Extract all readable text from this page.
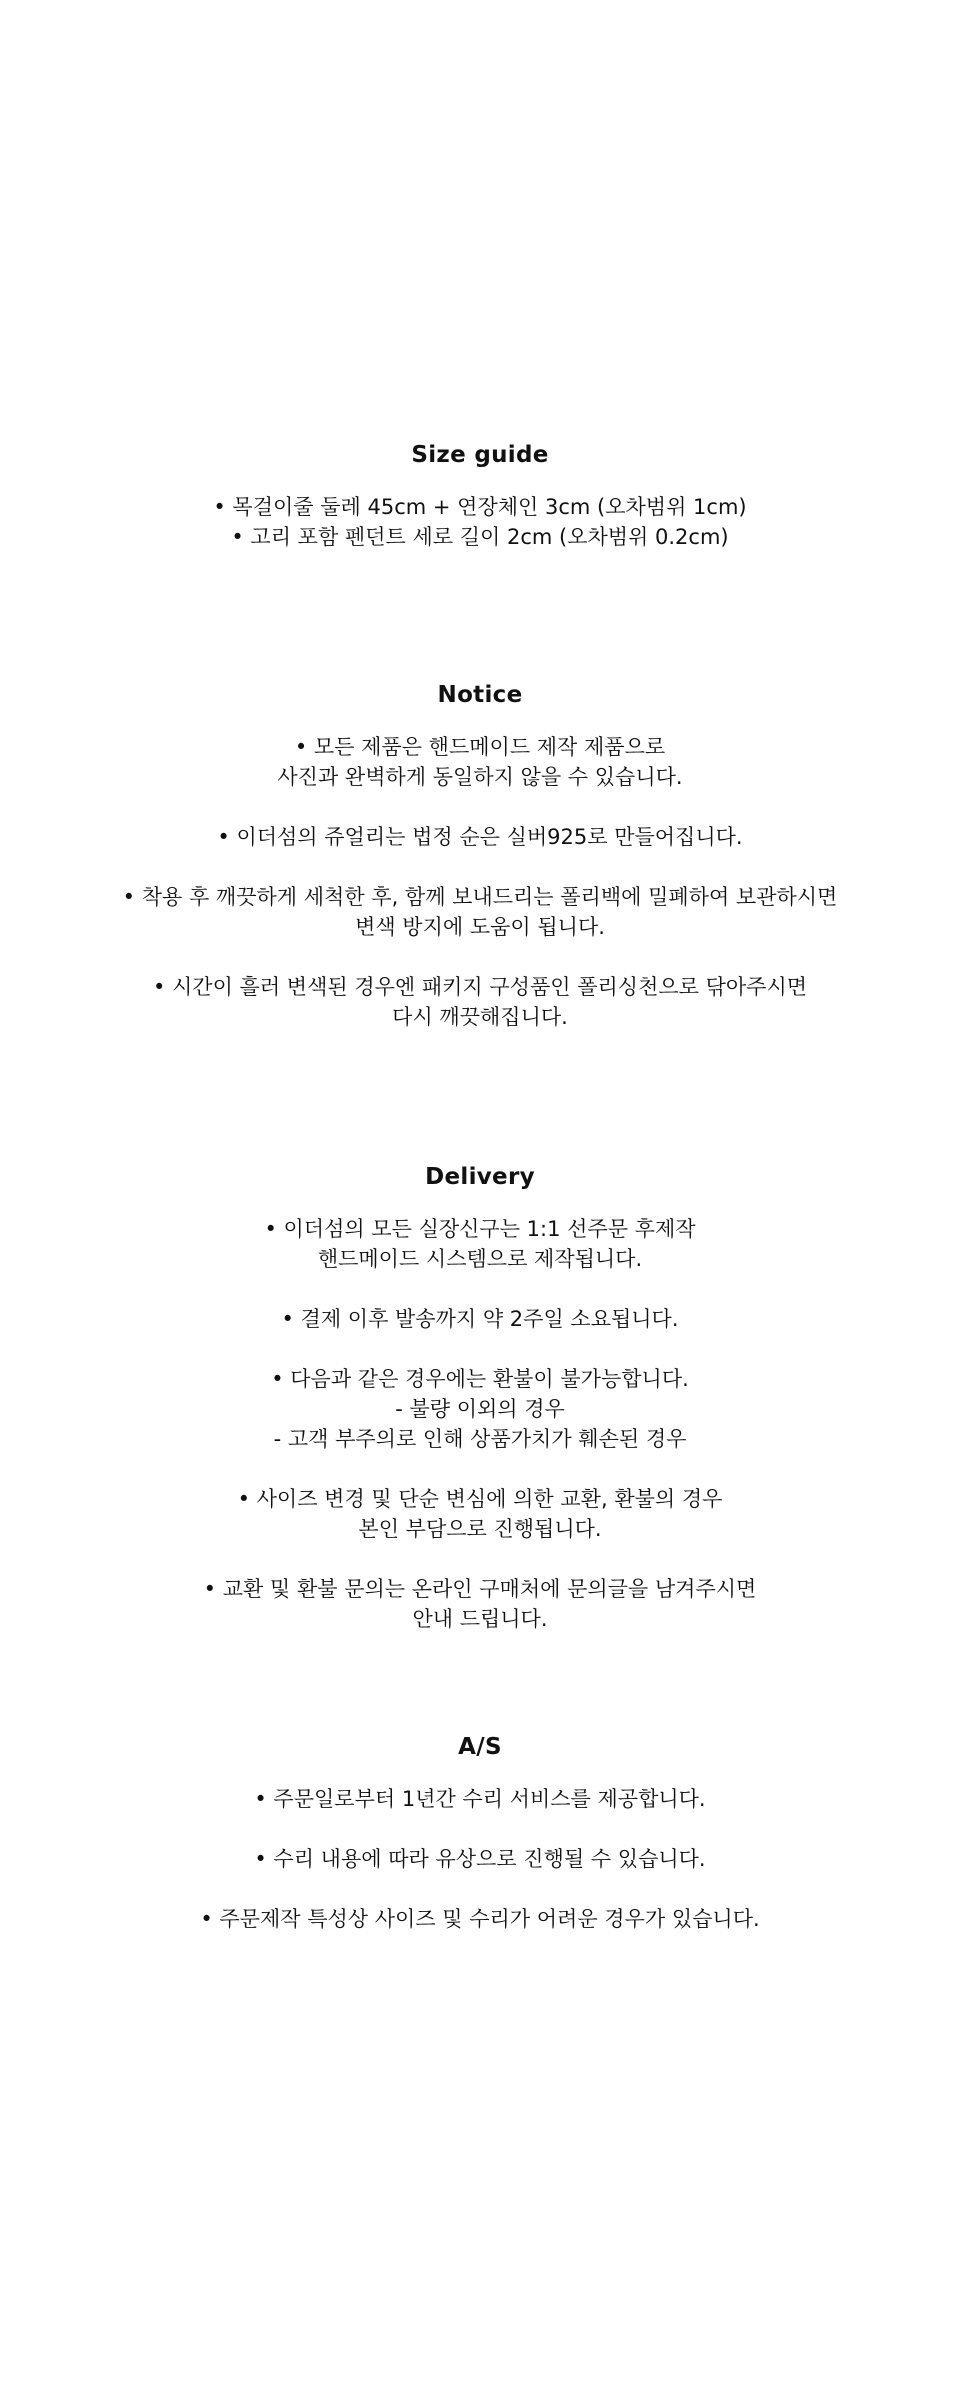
Size guide
• 목걸이줄 둘레 45cm + 연장체인 3cm (오차범위 1cm)
• 고리 포함 펜던트 세로 길이 2cm (오차범위 0.2cm)
Notice
• 모든 제품은 핸드메이드 제작 제품으로
사진과 완벽하게 동일하지 않을 수 있습니다.
• 이더섬의 쥬얼리는 법정 순은 실버925로 만들어집니다.
• 착용 후 깨끗하게 세척한 후, 함께 보내드리는 폴리백에 밀폐하여 보관하시면
변색 방지에 도움이 됩니다.
• 시간이 흘러 변색된 경우엔 패키지 구성품인 폴리싱천으로 닦아주시면
다시 깨끗해집니다.
Delivery
• 이더섬의 모든 실장신구는 1:1 선주문 후제작
핸드메이드 시스템으로 제작됩니다.
• 결제 이후 발송까지 약 2주일 소요됩니다.
• 다음과 같은 경우에는 환불이 불가능합니다.
- 불량 이외의 경우
- 고객 부주의로 인해 상품가치가 훼손된 경우
• 사이즈 변경 및 단순 변심에 의한 교환, 환불의 경우
본인 부담으로 진행됩니다.
• 교환 및 환불 문의는 온라인 구매처에 문의글을 남겨주시면
안내 드립니다.
A/S
• 주문일로부터 1년간 수리 서비스를 제공합니다.
• 수리 내용에 따라 유상으로 진행될 수 있습니다.
• 주문제작 특성상 사이즈 및 수리가 어려운 경우가 있습니다.
